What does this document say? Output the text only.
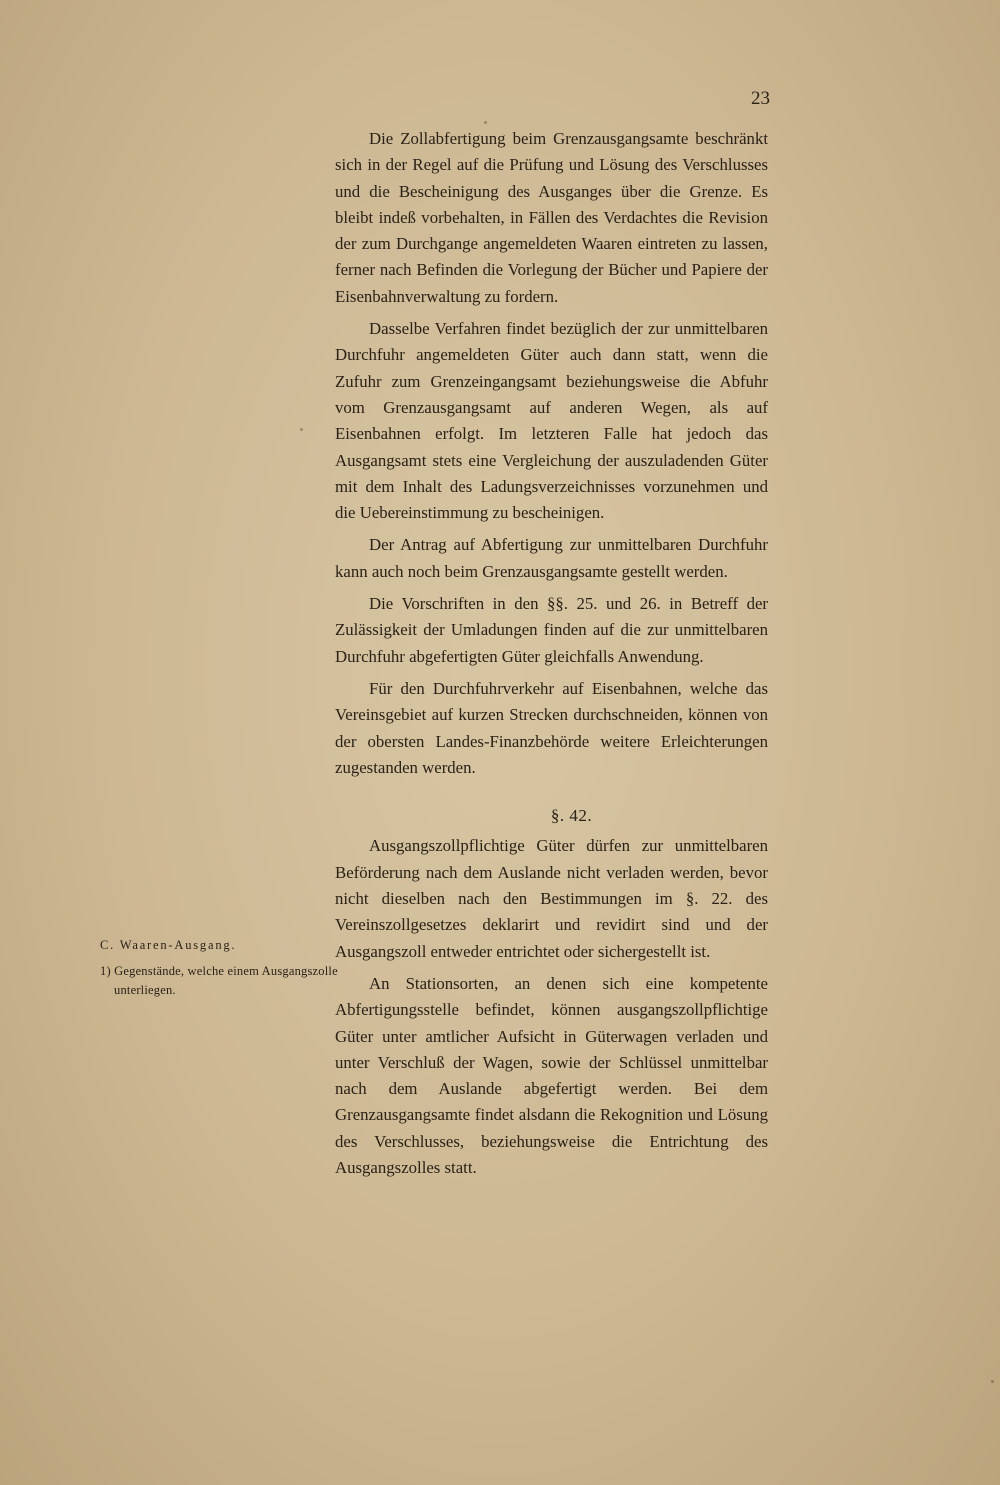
23

Die Zollabfertigung beim Grenzausgangsamte beschränkt sich in der Regel auf die Prüfung und Lösung des Verschlusses und die Bescheinigung des Ausganges über die Grenze. Es bleibt indeß vorbehalten, in Fällen des Verdachtes die Revision der zum Durchgange angemeldeten Waaren eintreten zu lassen, ferner nach Befinden die Vorlegung der Bücher und Papiere der Eisenbahnverwaltung zu fordern.

Dasselbe Verfahren findet bezüglich der zur unmittelbaren Durchfuhr angemeldeten Güter auch dann statt, wenn die Zufuhr zum Grenzeingangsamt beziehungsweise die Abfuhr vom Grenzausgangsamt auf anderen Wegen, als auf Eisenbahnen erfolgt. Im letzteren Falle hat jedoch das Ausgangsamt stets eine Vergleichung der auszuladenden Güter mit dem Inhalt des Ladungsverzeichnisses vorzunehmen und die Uebereinstimmung zu bescheinigen.

Der Antrag auf Abfertigung zur unmittelbaren Durchfuhr kann auch noch beim Grenzausgangsamte gestellt werden.

Die Vorschriften in den §§. 25. und 26. in Betreff der Zulässigkeit der Umladungen finden auf die zur unmittelbaren Durchfuhr abgefertigten Güter gleichfalls Anwendung.

Für den Durchfuhrverkehr auf Eisenbahnen, welche das Vereinsgebiet auf kurzen Strecken durchschneiden, können von der obersten Landes-Finanzbehörde weitere Erleichterungen zugestanden werden.

§. 42.

Ausgangszollpflichtige Güter dürfen zur unmittelbaren Beförderung nach dem Auslande nicht verladen werden, bevor nicht dieselben nach den Bestimmungen im §. 22. des Vereinszollgesetzes deklarirt und revidirt sind und der Ausgangszoll entweder entrichtet oder sichergestellt ist.

An Stationsorten, an denen sich eine kompetente Abfertigungsstelle befindet, können ausgangszollpflichtige Güter unter amtlicher Aufsicht in Güterwagen verladen und unter Verschluß der Wagen, sowie der Schlüssel unmittelbar nach dem Auslande abgefertigt werden. Bei dem Grenzausgangsamte findet alsdann die Rekognition und Lösung des Verschlusses, beziehungsweise die Entrichtung des Ausgangszolles statt.

C. Waaren-Ausgang.
1) Gegenstände, welche einem Ausgangszolle unterliegen.
